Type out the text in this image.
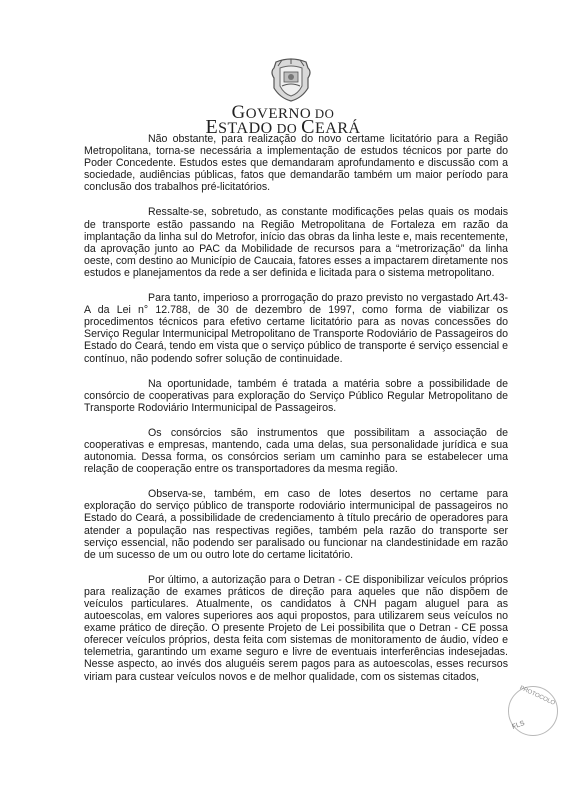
GOVERNO DO
ESTADO DO CEARÁ

Não obstante, para realização do novo certame licitatório para a Região Metropolitana, torna-se necessária a implementação de estudos técnicos por parte do Poder Concedente. Estudos estes que demandaram aprofundamento e discussão com a sociedade, audiências públicas, fatos que demandarão também um maior período para conclusão dos trabalhos pré-licitatórios.

Ressalte-se, sobretudo, as constante modificações pelas quais os modais de transporte estão passando na Região Metropolitana de Fortaleza em razão da implantação da linha sul do Metrofor, início das obras da linha leste e, mais recentemente, da aprovação junto ao PAC da Mobilidade de recursos para a “metrorização” da linha oeste, com destino ao Município de Caucaia, fatores esses a impactarem diretamente nos estudos e planejamentos da rede a ser definida e licitada para o sistema metropolitano.

Para tanto, imperioso a prorrogação do prazo previsto no vergastado Art.43-A da Lei n° 12.788, de 30 de dezembro de 1997, como forma de viabilizar os procedimentos técnicos para efetivo certame licitatório para as novas concessões do Serviço Regular Intermunicipal Metropolitano de Transporte Rodoviário de Passageiros do Estado do Ceará, tendo em vista que o serviço público de transporte é serviço essencial e contínuo, não podendo sofrer solução de continuidade.

Na oportunidade, também é tratada a matéria sobre a possibilidade de consórcio de cooperativas para exploração do Serviço Público Regular Metropolitano de Transporte Rodoviário Intermunicipal de Passageiros.

Os consórcios são instrumentos que possibilitam a associação de cooperativas e empresas, mantendo, cada uma delas, sua personalidade jurídica e sua autonomia. Dessa forma, os consórcios seriam um caminho para se estabelecer uma relação de cooperação entre os transportadores da mesma região.

Observa-se, também, em caso de lotes desertos no certame para exploração do serviço público de transporte rodoviário intermunicipal de passageiros no Estado do Ceará, a possibilidade de credenciamento à título precário de operadores para atender a população nas respectivas regiões, também pela razão do transporte ser serviço essencial, não podendo ser paralisado ou funcionar na clandestinidade em razão de um sucesso de um ou outro lote do certame licitatório.

Por último, a autorização para o Detran - CE disponibilizar veículos próprios para realização de exames práticos de direção para aqueles que não dispõem de veículos particulares. Atualmente, os candidatos à CNH pagam aluguel para as autoescolas, em valores superiores aos aqui propostos, para utilizarem seus veículos no exame prático de direção. O presente Projeto de Lei possibilita que o Detran - CE possa oferecer veículos próprios, desta feita com sistemas de monitoramento de áudio, vídeo e telemetria, garantindo um exame seguro e livre de eventuais interferências indesejadas. Nesse aspecto, ao invés dos aluguéis serem pagos para as autoescolas, esses recursos viriam para custear veículos novos e de melhor qualidade, com os sistemas citados,

PROTOCOLO
FLS
